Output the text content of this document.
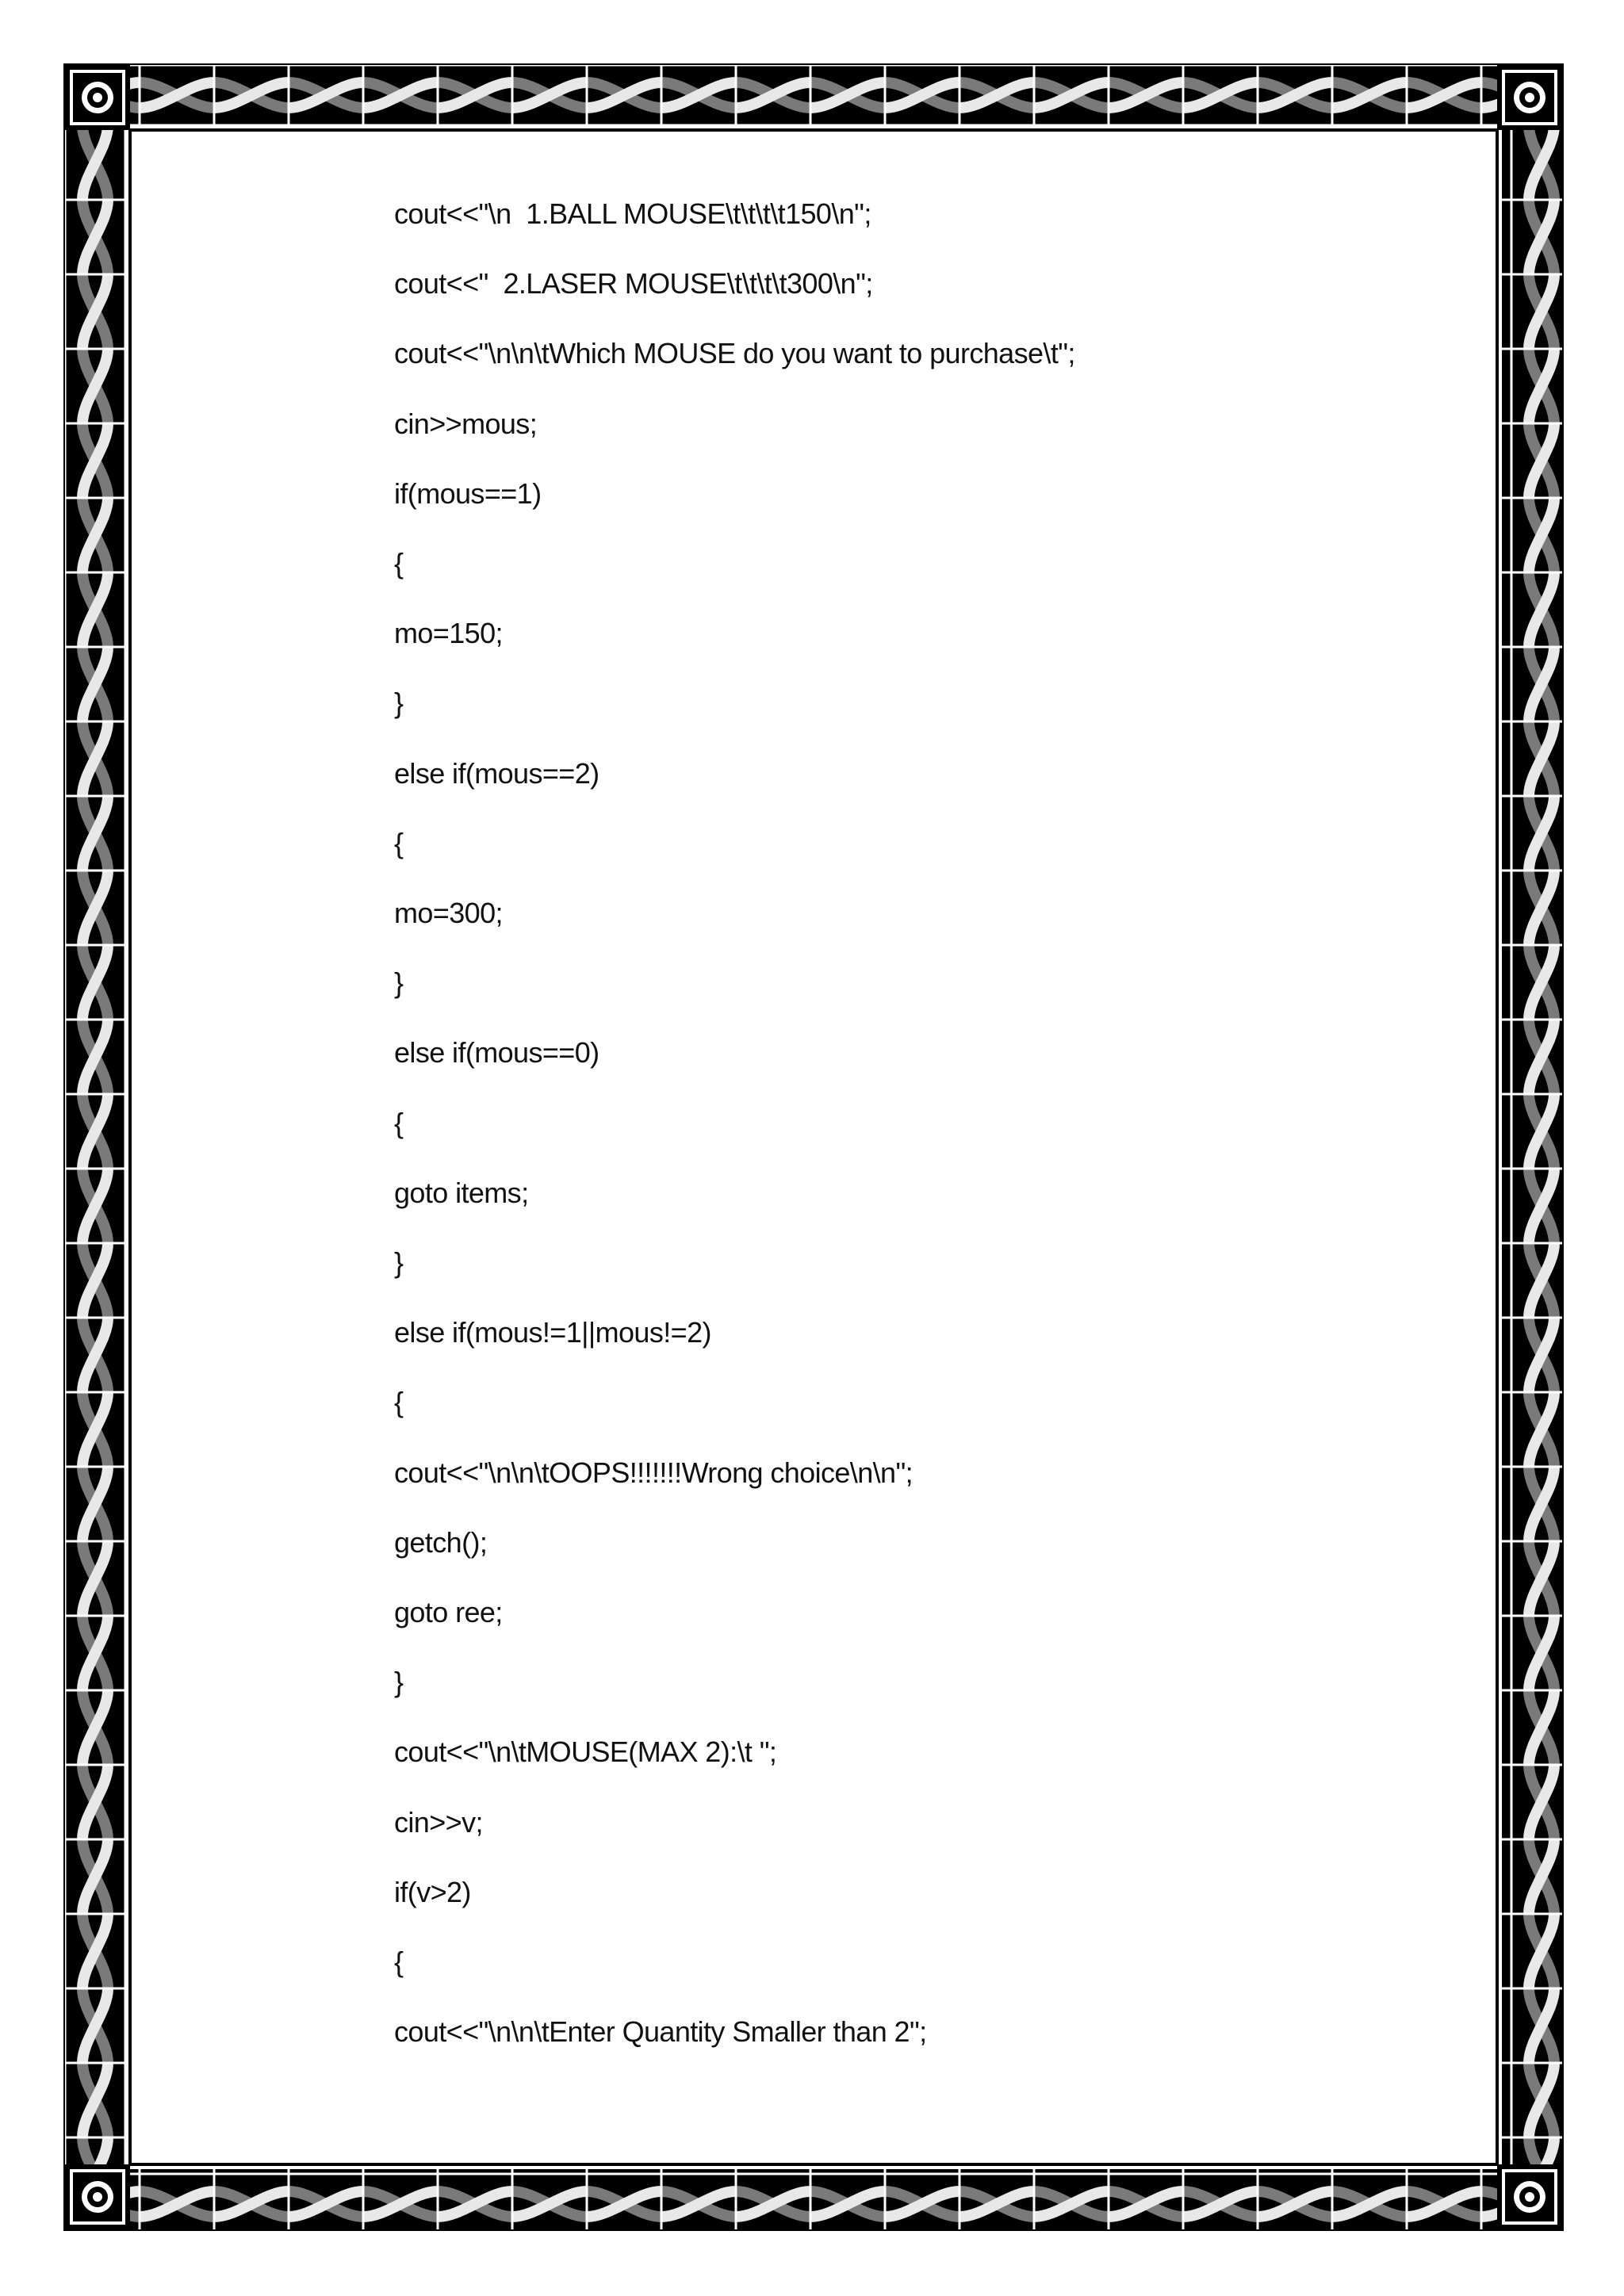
cout<<"\n  1.BALL MOUSE\t\t\t\t150\n";
cout<<"  2.LASER MOUSE\t\t\t\t300\n";
cout<<"\n\n\tWhich MOUSE do you want to purchase\t";
cin>>mous;
if(mous==1)
{
mo=150;
}
else if(mous==2)
{
mo=300;
}
else if(mous==0)
{
goto items;
}
else if(mous!=1||mous!=2)
{
cout<<"\n\n\tOOPS!!!!!!!Wrong choice\n\n";
getch();
goto ree;
}
cout<<"\n\tMOUSE(MAX 2):\t ";
cin>>v;
if(v>2)
{
cout<<"\n\n\tEnter Quantity Smaller than 2";
